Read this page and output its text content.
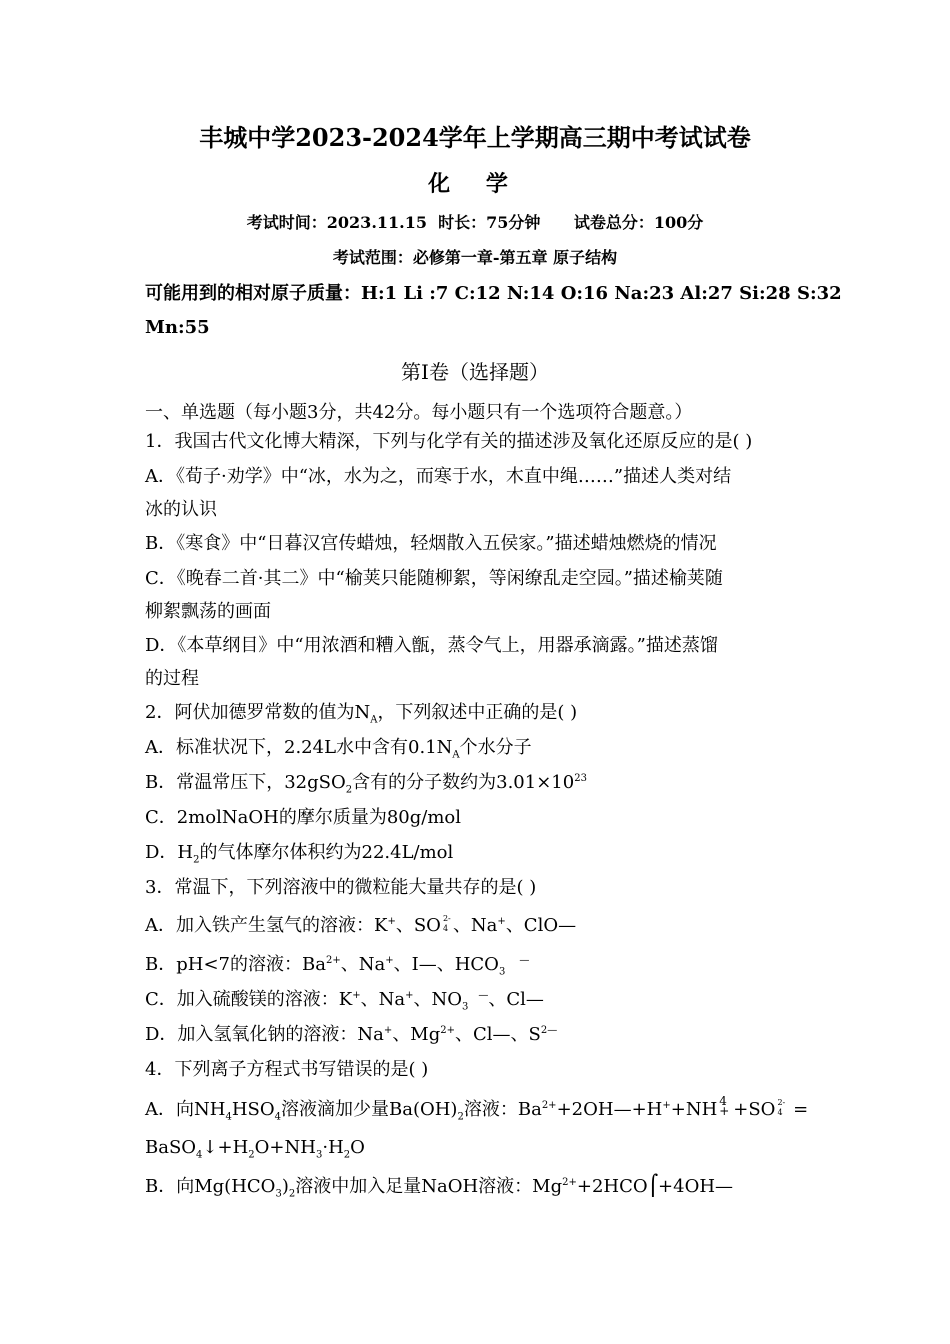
丰城中学2023-2024学年上学期高三期中考试试卷
化 学
考试时间：2023.11.15  时长：75分钟      试卷总分：100分
考试范围：必修第一章-第五章 原子结构
可能用到的相对原子质量：H:1 Li :7 C:12 N:14 O:16 Na:23 Al:27 Si:28 S:32
Mn:55
第Ⅰ卷（选择题）
一、单选题（每小题3分，共42分。每小题只有一个选项符合题意。）
1．我国古代文化博大精深，下列与化学有关的描述涉及氧化还原反应的是( )
A．《荀子·劝学》中“冰，水为之，而寒于水，木直中绳……”描述人类对结
冰的认识
B．《寒食》中“日暮汉宫传蜡烛，轻烟散入五侯家。”描述蜡烛燃烧的情况
C．《晚春二首·其二》中“榆荚只能随柳絮，等闲缭乱走空园。”描述榆荚随
柳絮飘荡的画面
D．《本草纲目》中“用浓酒和糟入甑，蒸令气上，用器承滴露。”描述蒸馏
的过程
2．阿伏加德罗常数的值为$N_A$，下列叙述中正确的是( )
A．标准状况下，2.24L水中含有$0.1N_A$个水分子
B．常温常压下，32gSO$_2$含有的分子数约为$3.01\times 10^{23}$
C．2molNaOH的摩尔质量为80g/mol
D．$H_2$的气体摩尔体积约为22.4L/mol
3．常温下，下列溶液中的微粒能大量共存的是( )
A．加入铁产生氢气的溶液：K+、SO 2-
4 、Na+、ClO—
B．pH<7的溶液：$Ba^{2+}$、Na+、I—、$HCO_3^—$
C．加入硫酸镁的溶液：K+、Na+、$NO_3^—$、Cl—
D．加入氢氧化钠的溶液：Na+、$Mg^{2+}$、Cl—、$S^{2—}$
4．下列离子方程式书写错误的是( )
A．向$NH_4HSO_4$溶液滴加少量$Ba(OH)_2$溶液：$Ba^{2+}+2OH—+H^++NH$ 4
+ +SO 2-
4 =
$BaSO_4↓+H_2O+NH_3\cdot H_2O$
B．向$Mg(HCO_3)_2$溶液中加入足量NaOH溶液：$Mg^{2+}+2HCO⌠+4OH—$
